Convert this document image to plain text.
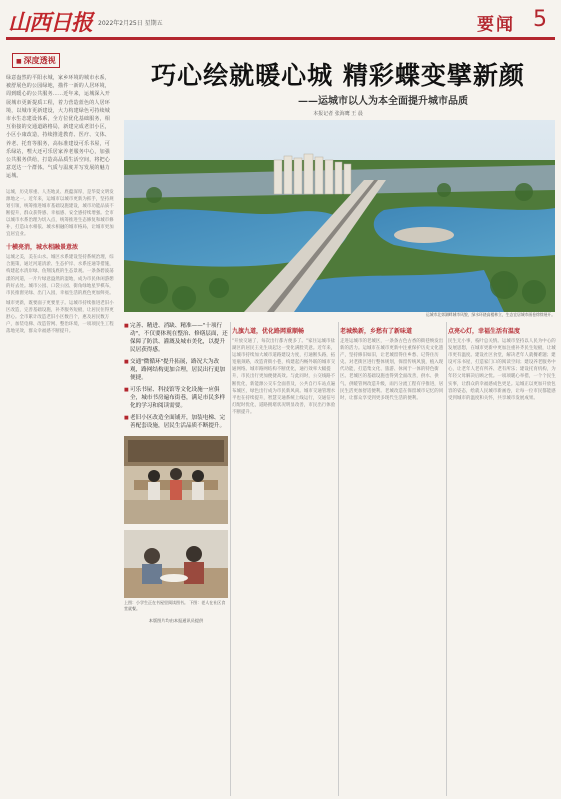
山西日报 2022年2月25日 星期五	要闻 5
■ 深度透视

绿意盎然的平阳水城，家乡环境的城市水系，被舒展色的公园绿地，描件一新的人居环境，周到暖心的公共服务……近年来，运城深入开展城市更新提质工程，着力营造蓝色的人居环境，以城市更新建设，大力构建绿色可持续城市水生态建设体系，全方位优化基础服务，相互衔接的交通道路格局，新建完成老旧小区，小区小康改造，持续推进教育、医疗、文体、养老、托育等服务，高标准建设可乐书屋，可乐绿站，嘿大还可乐居家养老服务中心，加强公共服务供给，打造高品质生活空间，将把心意送达一个群体。气质与温度并写发展的魅力运城。

运城，历史厚重、人杰地灵、底蕴深厚，是华夏文明发源地之一。近年来，运城市以城市更新为抓手，坚持规划引领，统筹推进城市基础设施建设，城市功能品质不断提升，群众获得感、幸福感、安全感持续增强。全市以城市水系治理为切入点，统筹推进生态修复和城市修补，打造山水相依、城水相融的城市格局，让城市更加宜居宜业。

十横亮消，城水相融景意浓

运城之美，美在山水。城区水系建设坚持系统治理，综合施策，通过河道清淤、生态护岸、水系连通等措施，构建起水清岸绿、鱼翔浅底的生态景观。一条条碧波荡漾的河道，一片片绿意盎然的湿地，成为市民休闲游憩的好去处。城市公园、口袋公园、街角绿地星罗棋布，市民推窗见绿、出门入园，幸福生活的底色更加鲜亮。

城市更新，既要面子更要里子。运城市持续推进老旧小区改造，完善基础设施，补齐服务短板，让居民住得更舒心。全市累计改造老旧小区数百个，惠及居民数万户，加装电梯、改造管网、整治环境，一项项民生工程落地见效，群众幸福感不断提升。

巧心绘就暖心城 精彩蝶变擘新颜
——运城市以人为本全面提升城市品质
本报记者 张海鹰 王 晨
运城市北郊湖畔城市风貌，绿水环绕高楼林立，生态宜居城市画卷徐徐展开。
■ 完善、精进、消缺、精准——"十项行动"，不仅要体现在整治、修缮层面，还保障了防洪、灌溉及城市美化，以提升民居获得感。
■ 交通"微循环"提升拓展，路况大为改观，路网结构更加合理，居民出行更加便捷。
■ 可乐书屋、科技馆等文化设施一应俱全，城市书房遍布街巷，满足市民多样化的学习和阅读需要。
■ 老旧小区改造全面铺开，加装电梯、完善配套设施，居民生活品质不断提升。
上图：小学生正在书屋里阅读图书。 下图：老人在社区食堂就餐。
本版图片均由本报通讯员提供

九旗九道，优化路网重顺畅

"开放交通了，每次出行都方便多了。"家住运城市盐湖区的居民王先生谈起这一变化满脸笑意。近年来，运城市持续加大城市道路建设力度，打通断头路，拓宽瓶颈路，改造背街小巷，构建起内畅外联的城市交通网络。城市路网结构不断优化，通行效率大幅提升，市民出行更加便捷高效。与此同时，公交线路不断优化，新能源公交车全面普及，公共自行车站点遍布城区，绿色出行成为市民新风尚。城市交通管理水平也在持续提升，智慧交通系统上线运行，交通信号灯配时优化，道路拥堵状况明显改善，市民出行体验不断提升。

老城焕新，乡愁有了新味道

走进运城市的老城区，一条条古色古香的街巷焕发出新的活力。运城市在城市更新中注重保护历史文化遗产，坚持修旧如旧，让老城留得住乡愁、记得住历史。对老街区进行整体规划，保留传统风貌，植入现代功能，打造集文化、旅游、休闲于一体的特色街区。老城区的基础设施也得到全面改善，供水、供气、供暖管网改造升级，雨污分流工程有序推进，居民生活更加舒适便利。老城改造在保留城市记忆的同时，让群众享受到更多现代生活的便利。

点亮心灯，幸福生活有温度

民生无小事，枝叶总关情。运城市坚持以人民为中心的发展思想，在城市更新中更加注重补齐民生短板，让城市更有温度。建设社区食堂，解决老年人就餐难题；建设可乐书屋，打造家门口的阅读空间；建设养老服务中心，让老年人老有所养、老有所乐；建设托育机构，为年轻父母解决后顾之忧。一项项暖心举措，一个个民生实事，让群众的幸福感成色更足。运城正以更加开放包容的姿态，绘就人民城市新画卷，让每一位市民都能感受到城市的温度和关怀，共享城市发展成果。
